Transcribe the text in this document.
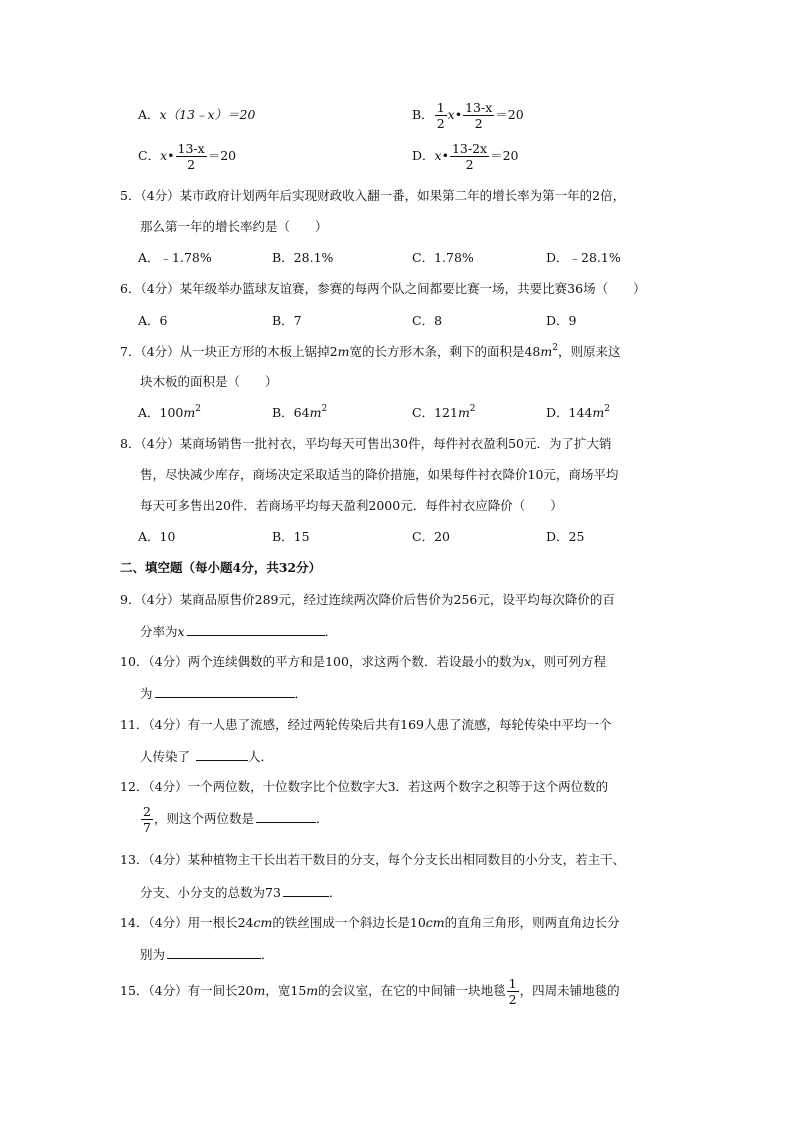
A．x（13﹣x）＝20	B． $\frac{1}{2}$ x• $\frac{13-x}{2} =20$
C．x• $\frac{13-x}{2} =20$	D．x• $\frac{13-2x}{2} =20$
5．（4分）某市政府计划两年后实现财政收入翻一番，如果第二年的增长率为第一年的2倍，
那么第一年的增长率约是（　　）
A．﹣1.78%	B．28.1%	C．1.78%	D．﹣28.1%
6．（4分）某年级举办篮球友谊赛，参赛的每两个队之间都要比赛一场，共要比赛36场（　　）
A．6	B．7	C．8	D．9
7．（4分）从一块正方形的木板上锯掉2m宽的长方形木条，剩下的面积是$48m^2$，则原来这
块木板的面积是（　　）
A．$100m^2$	B．$64m^2$	C．$121m^2$	D．$144m^2$
8．（4分）某商场销售一批衬衣，平均每天可售出30件，每件衬衣盈利50元．为了扩大销
售，尽快减少库存，商场决定采取适当的降价措施，如果每件衬衣降价10元，商场平均
每天可多售出20件．若商场平均每天盈利2000元．每件衬衣应降价（　　）
A．10	B．15	C．20	D．25
二、填空题（每小题4分，共32分）
9．（4分）某商品原售价289元，经过连续两次降价后售价为256元，设平均每次降价的百
分率为x	．
10．（4分）两个连续偶数的平方和是100，求这两个数．若设最小的数为x，则可列方程
为	．
11．（4分）有一人患了流感，经过两轮传染后共有169人患了流感，每轮传染中平均一个
人传染了	人．
12．（4分）一个两位数，十位数字比个位数字大3．若这两个数字之积等于这个两位数的
$\frac{2}{7}$ ，则这个两位数是	．
13．（4分）某种植物主干长出若干数目的分支，每个分支长出相同数目的小分支，若主干、
分支、小分支的总数为73	．
14．（4分）用一根长24cm的铁丝围成一个斜边长是10cm的直角三角形，则两直角边长分
别为	．
15．（4分）有一间长20m，宽15m的会议室，在它的中间铺一块地毯 $\frac{1}{2}$ ，四周未铺地毯的
